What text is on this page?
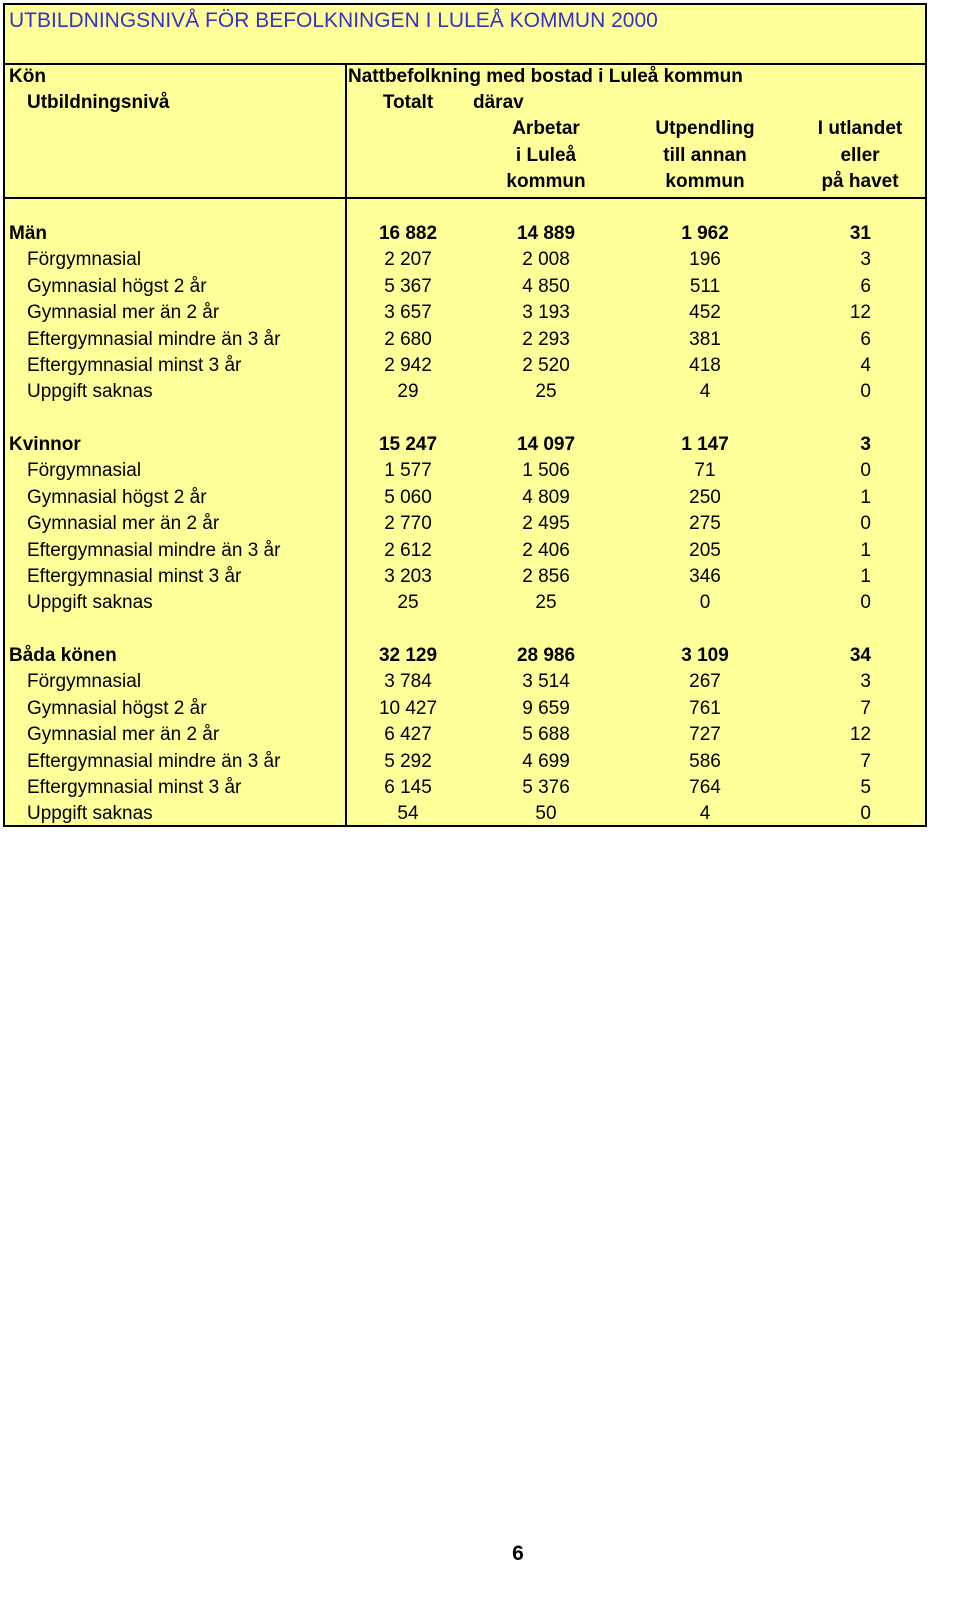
UTBILDNINGSNIVÅ FÖR BEFOLKNINGEN I LULEÅ KOMMUN 2000
Kön
Utbildningsnivå
Nattbefolkning med bostad i Luleå kommun
Totalt därav
Arbetar
i Luleå
kommun
Utpendling
till annan
kommun
I utlandet
eller
på havet
Män	16 882	14 889	1 962	31
Förgymnasial	2 207	2 008	196	3
Gymnasial högst 2 år	5 367	4 850	511	6
Gymnasial mer än 2 år	3 657	3 193	452	12
Eftergymnasial mindre än 3 år	2 680	2 293	381	6
Eftergymnasial minst 3 år	2 942	2 520	418	4
Uppgift saknas	29	25	4	0
Kvinnor	15 247	14 097	1 147	3
Förgymnasial	1 577	1 506	71	0
Gymnasial högst 2 år	5 060	4 809	250	1
Gymnasial mer än 2 år	2 770	2 495	275	0
Eftergymnasial mindre än 3 år	2 612	2 406	205	1
Eftergymnasial minst 3 år	3 203	2 856	346	1
Uppgift saknas	25	25	0	0
Båda könen	32 129	28 986	3 109	34
Förgymnasial	3 784	3 514	267	3
Gymnasial högst 2 år	10 427	9 659	761	7
Gymnasial mer än 2 år	6 427	5 688	727	12
Eftergymnasial mindre än 3 år	5 292	4 699	586	7
Eftergymnasial minst 3 år	6 145	5 376	764	5
Uppgift saknas	54	50	4	0
6
